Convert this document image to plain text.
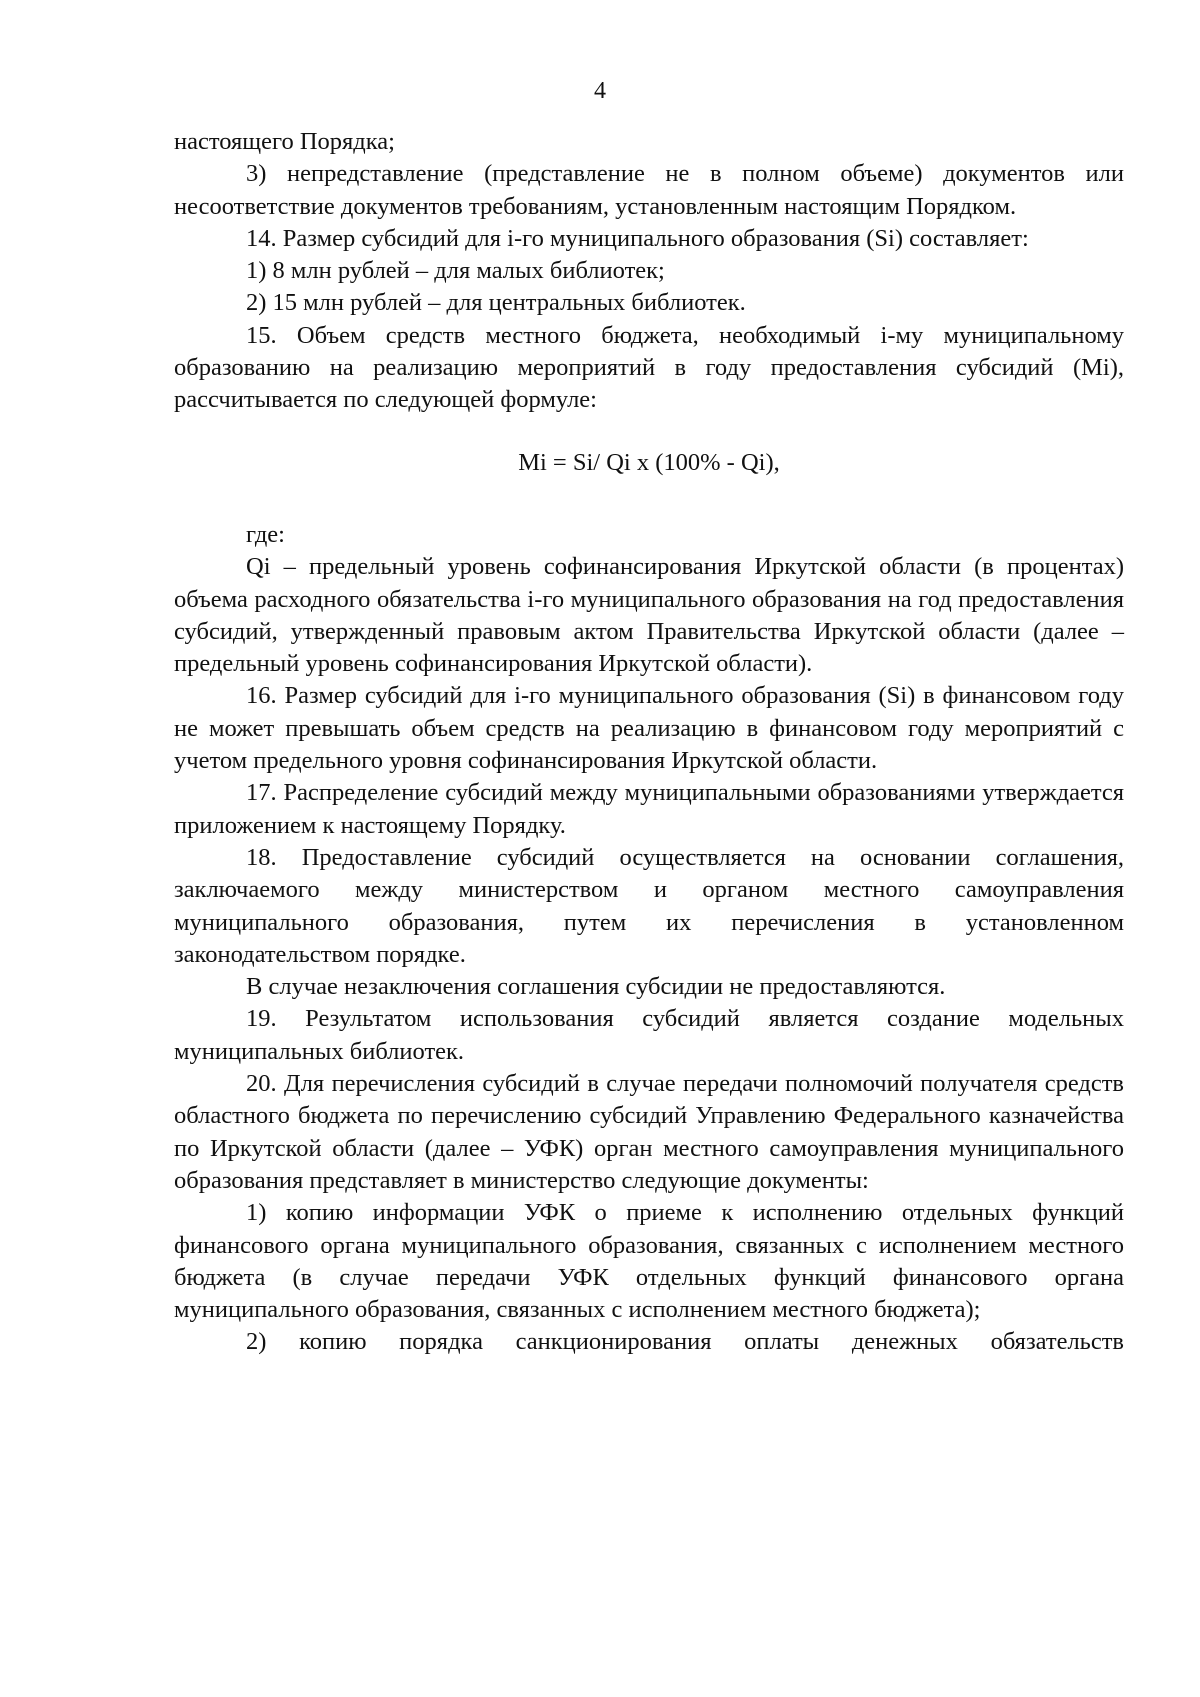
4

настоящего Порядка;

3) непредставление (представление не в полном объеме) документов или несоответствие документов требованиям, установленным настоящим Порядком.

14. Размер субсидий для i-го муниципального образования (Si) составляет:

1) 8 млн рублей – для малых библиотек;

2) 15 млн рублей – для центральных библиотек.

15. Объем средств местного бюджета, необходимый i-му муниципальному образованию на реализацию мероприятий в году предоставления субсидий (Mi), рассчитывается по следующей формуле:

Mi = Si/ Qi x (100% - Qi),

где:

Qi – предельный уровень софинансирования Иркутской области (в процентах) объема расходного обязательства i-го муниципального образования на год предоставления субсидий, утвержденный правовым актом Правительства Иркутской области (далее – предельный уровень софинансирования Иркутской области).

16. Размер субсидий для i-го муниципального образования (Si) в финансовом году не может превышать объем средств на реализацию в финансовом году мероприятий с учетом предельного уровня софинансирования Иркутской области.

17. Распределение субсидий между муниципальными образованиями утверждается приложением к настоящему Порядку.

18. Предоставление субсидий осуществляется на основании соглашения, заключаемого между министерством и органом местного самоуправления муниципального образования, путем их перечисления в установленном законодательством порядке.

В случае незаключения соглашения субсидии не предоставляются.

19. Результатом использования субсидий является создание модельных муниципальных библиотек.

20. Для перечисления субсидий в случае передачи полномочий получателя средств областного бюджета по перечислению субсидий Управлению Федерального казначейства по Иркутской области (далее – УФК) орган местного самоуправления муниципального образования представляет в министерство следующие документы:

1) копию информации УФК о приеме к исполнению отдельных функций финансового органа муниципального образования, связанных с исполнением местного бюджета (в случае передачи УФК отдельных функций финансового органа муниципального образования, связанных с исполнением местного бюджета);

2) копию порядка санкционирования оплаты денежных обязательств
